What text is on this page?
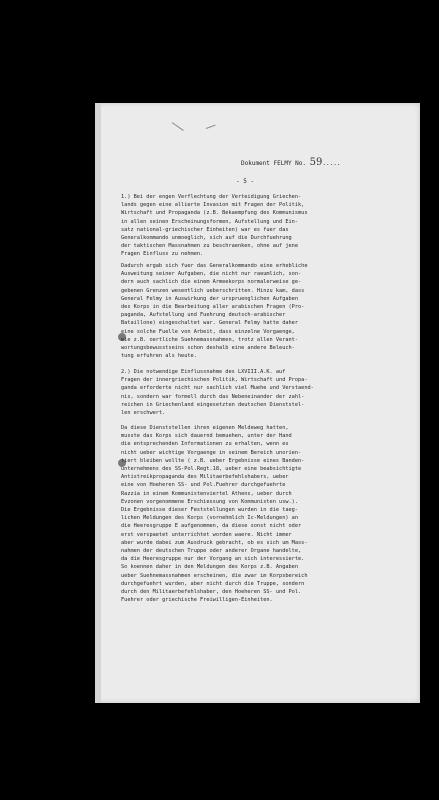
Dokument FELMY No. 59.....
- 5 -
1.) Bei der engen Verflechtung der Verteidigung Griechen-
lands gegen eine allierte Invasion mit Fragen der Politik,
Wirtschaft und Propaganda (z.B. Bekaempfung des Kommunismus
in allen seinen Erscheinungsformen, Aufstellung und Ein-
satz national-griechischer Einheiten) war es fuer das
Generalkommando unmoeglich, sich auf die Durchfuehrung
der taktischen Massnahmen zu beschraenken, ohne auf jene
Fragen Einfluss zu nehmen.
Dadurch ergab sich fuer das Generalkommando eine erhebliche
Ausweitung seiner Aufgaben, die nicht nur raeumlich, son-
dern auch sachlich die einem Armeekorps normalerweise ge-
gebenen Grenzen wesentlich ueberschritten. Hinzu kam, dass
General Felmy in Auswirkung der urspruenglichen Aufgaben
des Korps in die Bearbeitung aller arabischen Fragen (Pro-
paganda, Aufstellung und Fuehrung deutsch-arabischer
Bataillone) eingeschaltet war. General Felmy hatte daher
eine solche Fuelle von Arbeit, dass einzelne Vorgaenge,
wie z.B. oertliche Suehnemassnahmen, trotz allen Verant-
wortungsbewusstseins schon deshalb eine andere Beleuch-
tung erfuhren als heute.
2.) Die notwendige Einflussnahme des LXVIII.A.K. auf
Fragen der innergriechischen Politik, Wirtschaft und Propa-
ganda erforderte nicht nur sachlich viel Muehe und Verstaend-
nis, sondern war formell durch das Nebeneinander der zahl-
reichen in Griechenland eingesetzten deutschen Dienststel-
len erschwert.
Da diese Dienststellen ihren eigenen Meldeweg hatten,
musste das Korps sich dauernd bemuehen, unter der Hand
die entsprechenden Informationen zu erhalten, wenn es
nicht ueber wichtige Vorgaenge in seinem Bereich unorien-
tiert bleiben wollte ( z.B. ueber Ergebnisse eines Banden-
unternehmens des SS-Pol.Regt.18, ueber eine beabsichtigte
Antistreikpropaganda des Militaerbefehlshabers, ueber
eine von Hoeheren SS- und Pol.Fuehrer durchgefuehrte
Razzia in einem Kommunistenviertel Athens, ueber durch
Evzonen vorgenommene Erschiessung von Kommunisten usw.).
Die Ergebnisse dieser Feststellungen wurden in die taeg-
lichen Meldungen des Korps (vornehmlich Ic-Meldungen) an
die Heeresgruppe E aufgenommen, da diese sonst nicht oder
erst verspaetet unterrichtet worden waere. Nicht immer
aber wurde dabei zum Ausdruck gebracht, ob es sich um Mass-
nahmen der deutschen Truppe oder anderer Organe handelte,
da die Heeresgruppe nur der Vorgang an sich interessierte.
So koennen daher in den Meldungen des Korps z.B. Angaben
ueber Suehnemassnahmen erscheinen, die zwar im Korpsbereich
durchgefuehrt wurden, aber nicht durch die Truppe, sondern
durch den Militaerbefehlshaber, den Hoeheren SS- und Pol.
Fuehrer oder griechische Freiwilligen-Einheiten.
